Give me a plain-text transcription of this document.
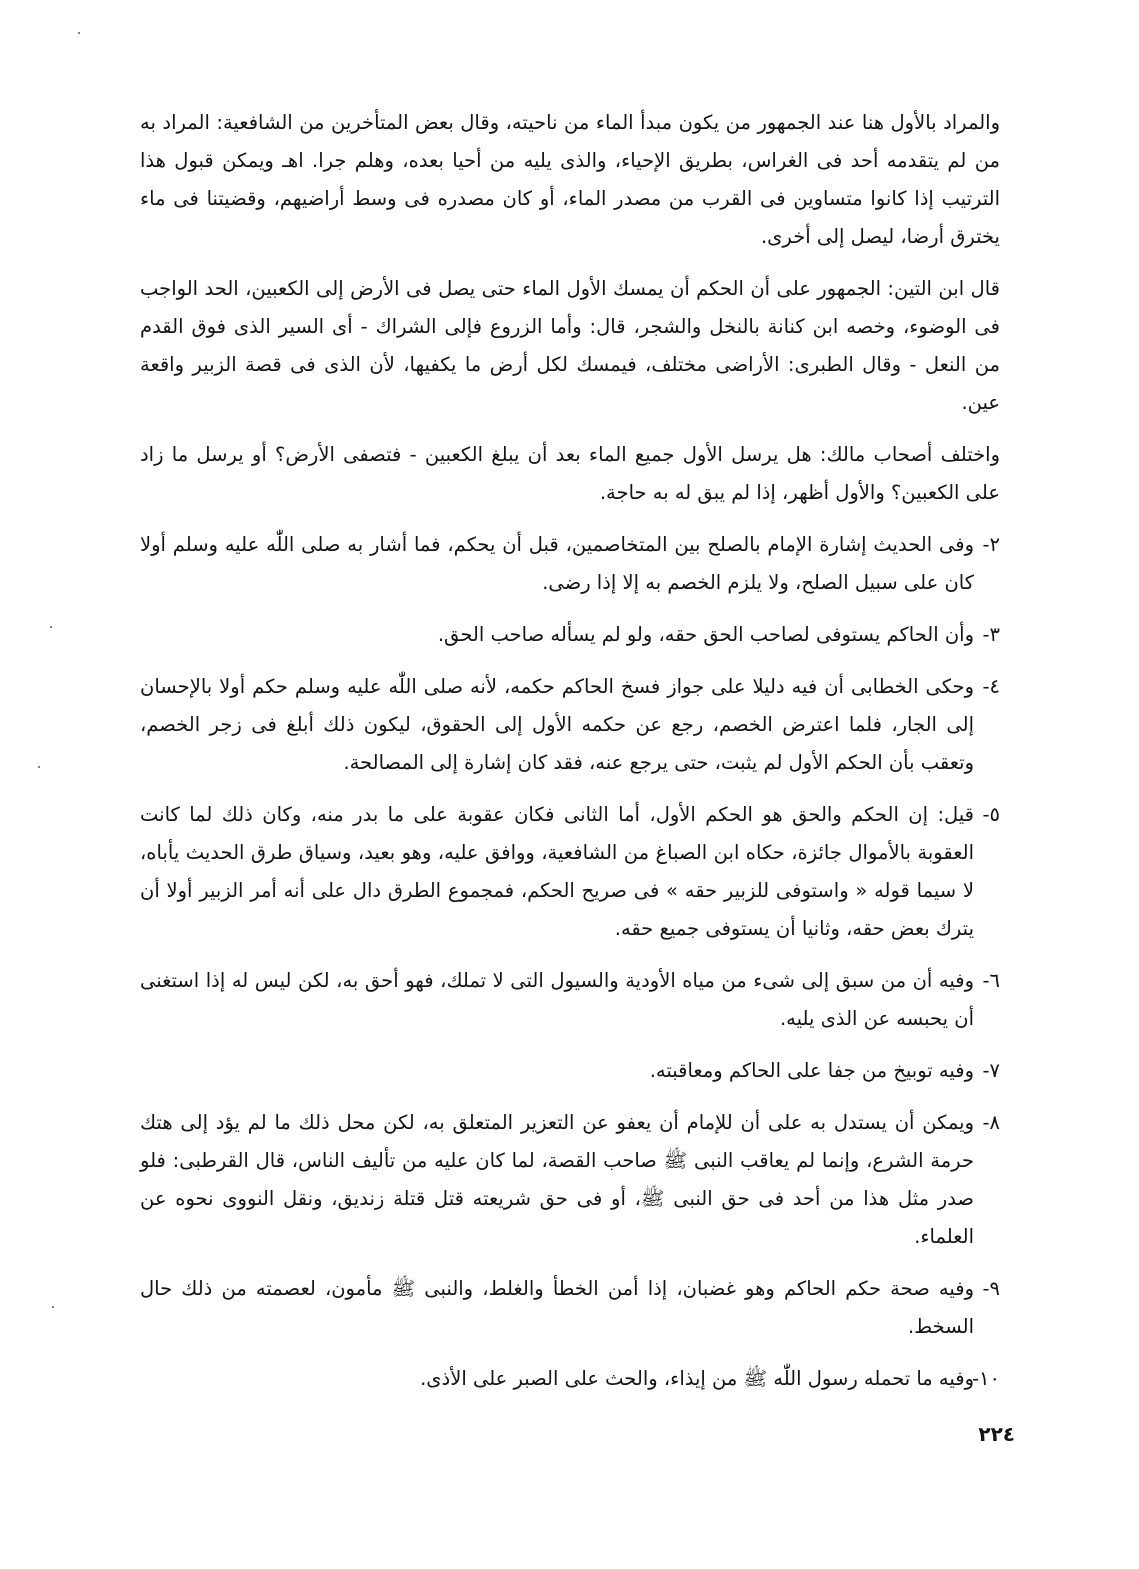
والمراد بالأول هنا عند الجمهور من يكون مبدأ الماء من ناحيته، وقال بعض المتأخرين من الشافعية: المراد به من لم يتقدمه أحد فى الغراس، بطريق الإحياء، والذى يليه من أحيا بعده، وهلم جرا. اهـ ويمكن قبول هذا الترتيب إذا كانوا متساوين فى القرب من مصدر الماء، أو كان مصدره فى وسط أراضيهم، وقضيتنا فى ماء يخترق أرضا، ليصل إلى أخرى.

قال ابن التين: الجمهور على أن الحكم أن يمسك الأول الماء حتى يصل فى الأرض إلى الكعبين، الحد الواجب فى الوضوء، وخصه ابن كنانة بالنخل والشجر، قال: وأما الزروع فإلى الشراك - أى السير الذى فوق القدم من النعل - وقال الطبرى: الأراضى مختلف، فيمسك لكل أرض ما يكفيها، لأن الذى فى قصة الزبير واقعة عين.

واختلف أصحاب مالك: هل يرسل الأول جميع الماء بعد أن يبلغ الكعبين - فتصفى الأرض؟ أو يرسل ما زاد على الكعبين؟ والأول أظهر، إذا لم يبق له به حاجة.

٢-
وفى الحديث إشارة الإمام بالصلح بين المتخاصمين، قبل أن يحكم، فما أشار به صلى اللّٰه عليه وسلم أولا كان على سبيل الصلح، ولا يلزم الخصم به إلا إذا رضى.
٣-
وأن الحاكم يستوفى لصاحب الحق حقه، ولو لم يسأله صاحب الحق.
٤-
وحكى الخطابى أن فيه دليلا على جواز فسخ الحاكم حكمه، لأنه صلى اللّٰه عليه وسلم حكم أولا بالإحسان إلى الجار، فلما اعترض الخصم، رجع عن حكمه الأول إلى الحقوق، ليكون ذلك أبلغ فى زجر الخصم، وتعقب بأن الحكم الأول لم يثبت، حتى يرجع عنه، فقد كان إشارة إلى المصالحة.
٥-
قيل: إن الحكم والحق هو الحكم الأول، أما الثانى فكان عقوبة على ما بدر منه، وكان ذلك لما كانت العقوبة بالأموال جائزة، حكاه ابن الصباغ من الشافعية، ووافق عليه، وهو بعيد، وسياق طرق الحديث يأباه، لا سيما قوله « واستوفى للزبير حقه » فى صريح الحكم، فمجموع الطرق دال على أنه أمر الزبير أولا أن يترك بعض حقه، وثانيا أن يستوفى جميع حقه.
٦-
وفيه أن من سبق إلى شىء من مياه الأودية والسيول التى لا تملك، فهو أحق به، لكن ليس له إذا استغنى أن يحبسه عن الذى يليه.
٧-
وفيه توبيخ من جفا على الحاكم ومعاقبته.
٨-
ويمكن أن يستدل به على أن للإمام أن يعفو عن التعزير المتعلق به، لكن محل ذلك ما لم يؤد إلى هتك حرمة الشرع، وإنما لم يعاقب النبى ﷺ صاحب القصة، لما كان عليه من تأليف الناس، قال القرطبى: فلو صدر مثل هذا من أحد فى حق النبى ﷺ، أو فى حق شريعته قتل قتلة زنديق، ونقل النووى نحوه عن العلماء.
٩-
وفيه صحة حكم الحاكم وهو غضبان، إذا أمن الخطأ والغلط، والنبى ﷺ مأمون، لعصمته من ذلك حال السخط.
١٠-
وفيه ما تحمله رسول اللّٰه ﷺ من إيذاء، والحث على الصبر على الأذى.
٢٢٤
